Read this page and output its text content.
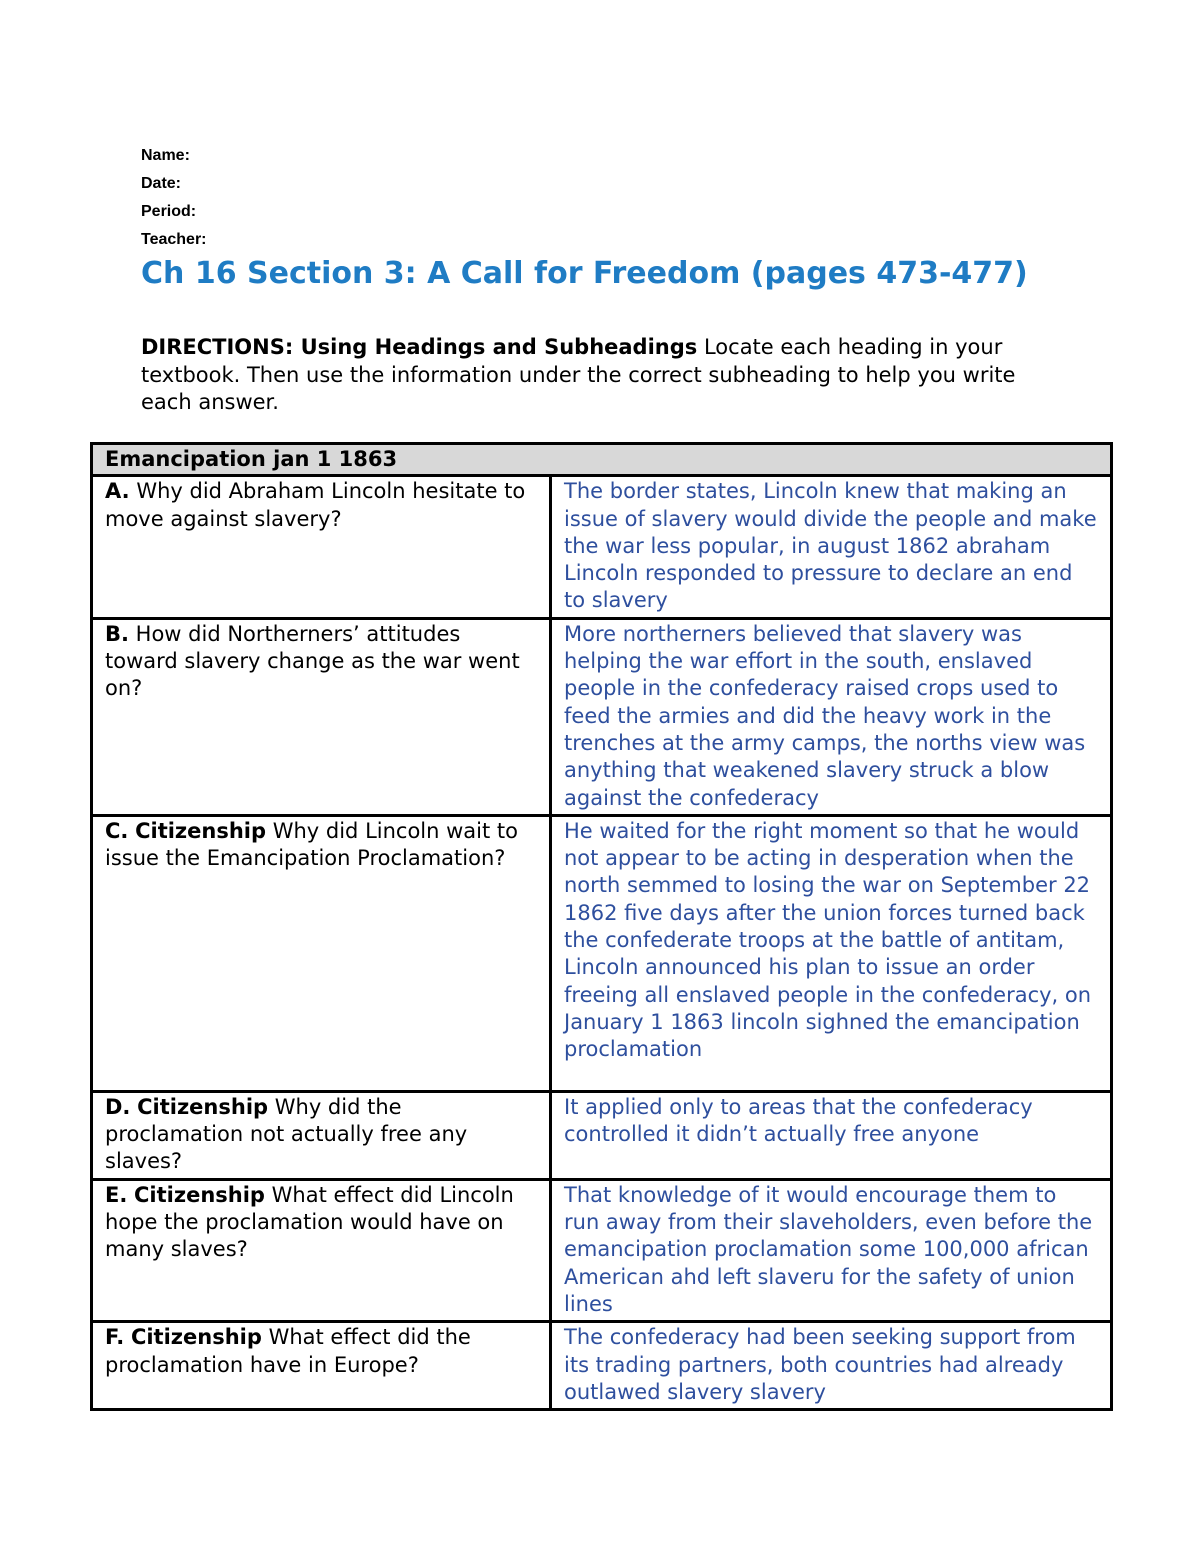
Name:
Date:
Period:
Teacher:
Ch 16 Section 3: A Call for Freedom (pages 473-477)

DIRECTIONS: Using Headings and Subheadings Locate each heading in your textbook. Then use the information under the correct subheading to help you write each answer.

Emancipation jan 1 1863	
A. Why did Abraham Lincoln hesitate to move against slavery?	The border states, Lincoln knew that making an issue of slavery would divide the people and make the war less popular, in august 1862 abraham Lincoln responded to pressure to declare an end to slavery
B. How did Northerners’ attitudes toward slavery change as the war went on?	More northerners believed that slavery was helping the war effort in the south, enslaved people in the confederacy raised crops used to feed the armies and did the heavy work in the trenches at the army camps, the norths view was anything that weakened slavery struck a blow against the confederacy
C. Citizenship Why did Lincoln wait to issue the Emancipation Proclamation?	He waited for the right moment so that he would not appear to be acting in desperation when the north semmed to losing the war on September 22 1862 five days after the union forces turned back the confederate troops at the battle of antitam, Lincoln announced his plan to issue an order freeing all enslaved people in the confederacy, on January 1 1863 lincoln sighned the emancipation proclamation
D. Citizenship Why did the proclamation not actually free any slaves?	It applied only to areas that the confederacy controlled it didn’t actually free anyone
E. Citizenship What effect did Lincoln hope the proclamation would have on many slaves?	That knowledge of it would encourage them to run away from their slaveholders, even before the emancipation proclamation some 100,000 african American ahd left slaveru for the safety of union lines
F. Citizenship What effect did the proclamation have in Europe?	The confederacy had been seeking support from its trading partners, both countries had already outlawed slavery slavery
